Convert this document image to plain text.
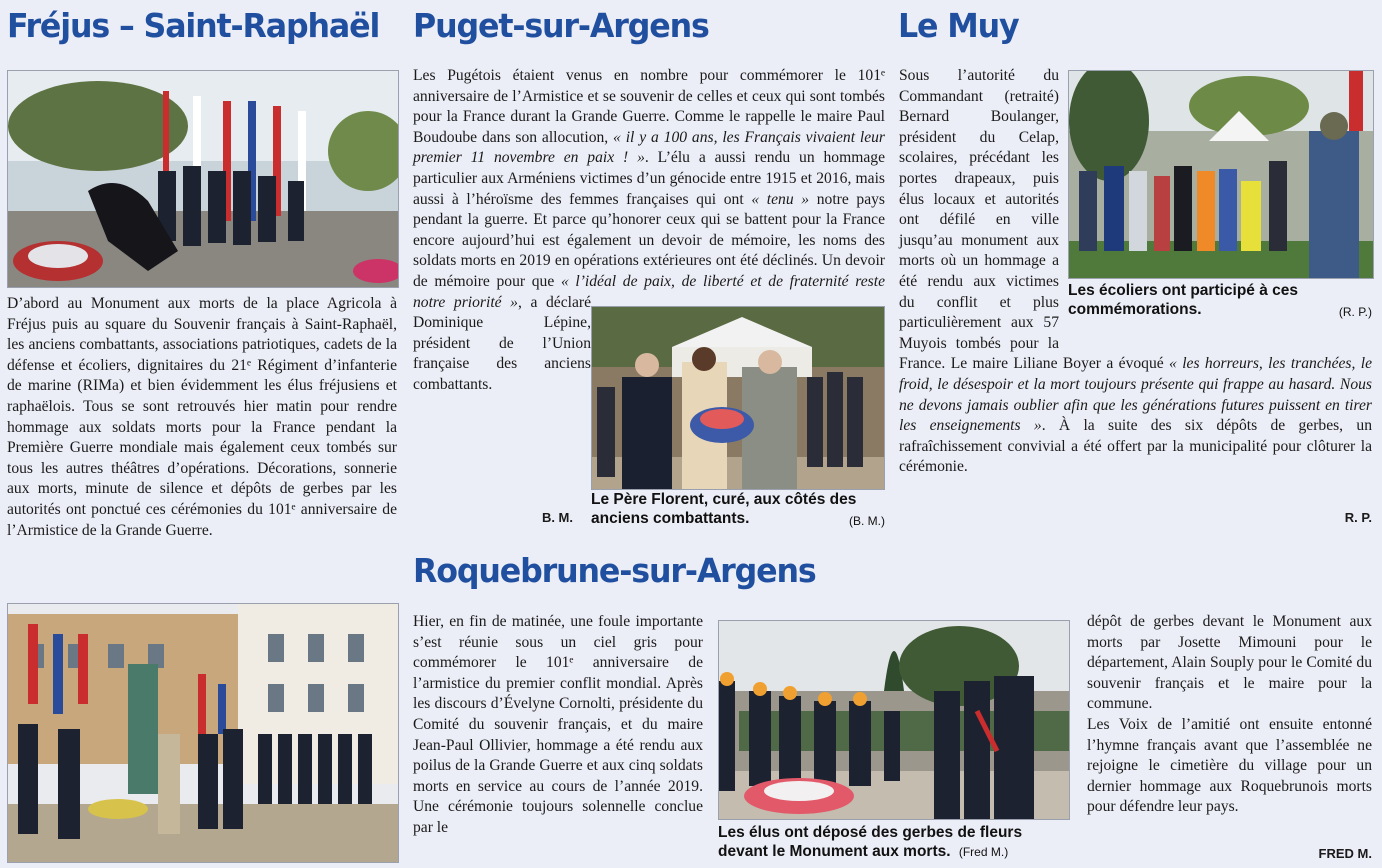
Fréjus – Saint-Raphaël Puget-sur-Argens	Le Muy
Roquebrune-sur-Argens
D’abord au Monument aux morts de la place Agricola à Fréjus puis au square du Souvenir français à Saint-Raphaël, les anciens combattants, associations patriotiques, cadets de la défense et écoliers, dignitaires du 21ᵉ Régiment d’infanterie de marine (RIMa) et bien évidemment les élus fréjusiens et raphaëlois. Tous se sont retrouvés hier matin pour rendre hommage aux soldats morts pour la France pendant la Première Guerre mondiale mais également ceux tombés sur tous les autres théâtres d’opérations. Décorations, sonnerie aux morts, minute de silence et dépôts de gerbes par les autorités ont ponctué ces cérémonies du 101ᵉ anniversaire de l’Armistice de la Grande Guerre.
Les Pugétois étaient venus en nombre pour commémorer le 101ᵉ anniversaire de l’Armistice et se souvenir de celles et ceux qui sont tombés pour la France durant la Grande Guerre. Comme le rappelle le maire Paul Boudoube dans son allocution, « il y a 100 ans, les Français vivaient leur premier 11 novembre en paix ! ». L’élu a aussi rendu un hommage particulier aux Arméniens victimes d’un génocide entre 1915 et 2016, mais aussi à l’héroïsme des femmes françaises qui ont « tenu » notre pays pendant la guerre. Et parce qu’honorer ceux qui se battent pour la France encore aujourd’hui est également un devoir de mémoire, les noms des soldats morts en 2019 en opérations extérieures ont été déclinés. Un devoir de mémoire pour que « l’idéal de paix, de liberté et de fraternité reste notre priorité », a déclaré Dominique Lépine, président de l’Union française des anciens combattants.
B. M.
Le Père Florent, curé, aux côtés des anciens combattants.	(B. M.)
Les écoliers ont participé à ces commémorations.	(R. P.)
Sous l’autorité du Commandant (retraité) Bernard Boulanger, président du Celap, scolaires, précédant les portes drapeaux, puis élus locaux et autorités ont défilé en ville jusqu’au monument aux morts où un hommage a été rendu aux victimes du conflit et plus particulièrement aux 57 Muyois tombés pour la France. Le maire Liliane Boyer a évoqué « les horreurs, les tranchées, le froid, le désespoir et la mort toujours présente qui frappe au hasard. Nous ne devons jamais oublier afin que les générations futures puissent en tirer les enseignements ». À la suite des six dépôts de gerbes, un rafraîchissement convivial a été offert par la municipalité pour clôturer la cérémonie.
R. P.
Hier, en fin de matinée, une foule importante s’est réunie sous un ciel gris pour commémorer le 101ᵉ anniversaire de l’armistice du premier conflit mondial. Après les discours d’Évelyne Cornolti, présidente du Comité du souvenir français, et du maire Jean-Paul Ollivier, hommage a été rendu aux poilus de la Grande Guerre et aux cinq soldats morts en service au cours de l’année 2019. Une cérémonie toujours solennelle conclue par le	Les élus ont déposé des gerbes de fleurs devant le Monument aux morts. (Fred M.)

dépôt de gerbes devant le Monument aux morts par Josette Mimouni pour le département, Alain Souply pour le Comité du souvenir français et le maire pour la commune.

Les Voix de l’amitié ont ensuite entonné l’hymne français avant que l’assemblée ne rejoigne le cimetière du village pour un dernier hommage aux Roquebrunois morts pour défendre leur pays.

FRED M.
